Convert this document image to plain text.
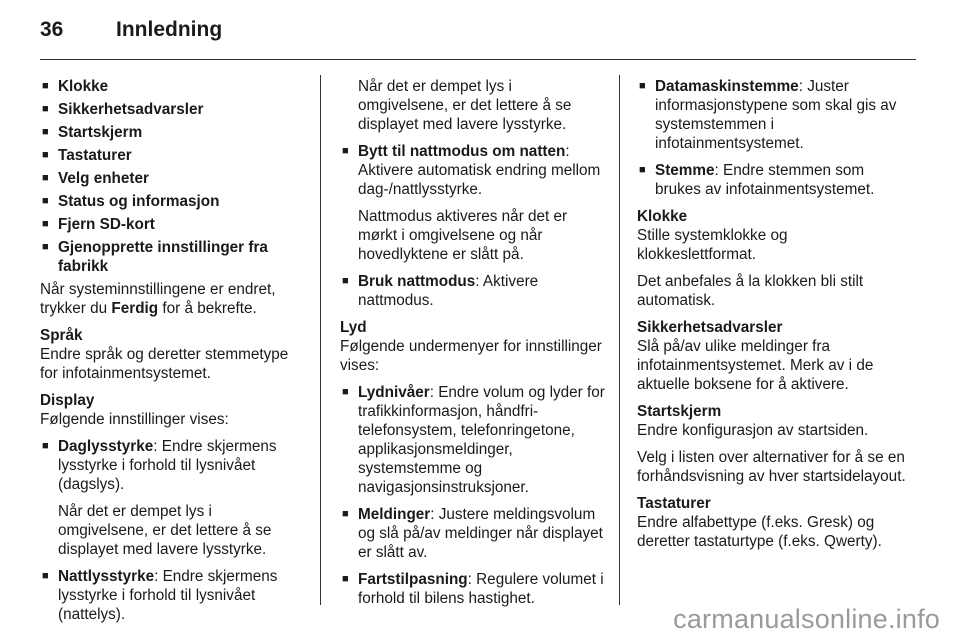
36	Innledning
■ Klokke
■ Sikkerhetsadvarsler
■ Startskjerm
■ Tastaturer
■ Velg enheter
■ Status og informasjon
■ Fjern SD-kort
■ Gjenopprette innstillinger fra
fabrikk
Når systeminnstillingene er endret, trykker du Ferdig for å bekrefte.
Språk
Endre språk og deretter stemmetype for infotainmentsystemet.
Display
Følgende innstillinger vises:
■ Daglysstyrke: Endre skjermens lysstyrke i forhold til lysnivået (dagslys).
Når det er dempet lys i omgivelsene, er det lettere å se displayet med lavere lysstyrke.
■ Nattlysstyrke: Endre skjermens lysstyrke i forhold til lysnivået (nattelys).
Når det er dempet lys i omgivelsene, er det lettere å se displayet med lavere lysstyrke.
■ Bytt til nattmodus om natten: Aktivere automatisk endring mellom dag-/nattlysstyrke.
Nattmodus aktiveres når det er mørkt i omgivelsene og når hovedlyktene er slått på.
■ Bruk nattmodus: Aktivere nattmodus.
Lyd
Følgende undermenyer for innstillinger vises:
■ Lydnivåer: Endre volum og lyder for trafikkinformasjon, håndfri-telefonsystem, telefonringetone, applikasjonsmeldinger, systemstemme og navigasjonsinstruksjoner.
■ Meldinger: Justere meldingsvolum og slå på/av meldinger når displayet er slått av.
■ Fartstilpasning: Regulere volumet i forhold til bilens hastighet.
■ Datamaskinstemme: Juster informasjonstypene som skal gis av systemstemmen i infotainmentsystemet.
■ Stemme: Endre stemmen som brukes av infotainmentsystemet.
Klokke
Stille systemklokke og klokkeslettformat.
Det anbefales å la klokken bli stilt automatisk.
Sikkerhetsadvarsler
Slå på/av ulike meldinger fra infotainmentsystemet. Merk av i de aktuelle boksene for å aktivere.
Startskjerm
Endre konfigurasjon av startsiden.
Velg i listen over alternativer for å se en forhåndsvisning av hver startsidelayout.
Tastaturer
Endre alfabettype (f.eks. Gresk) og deretter tastaturtype (f.eks. Qwerty).
carmanualsonline.info
